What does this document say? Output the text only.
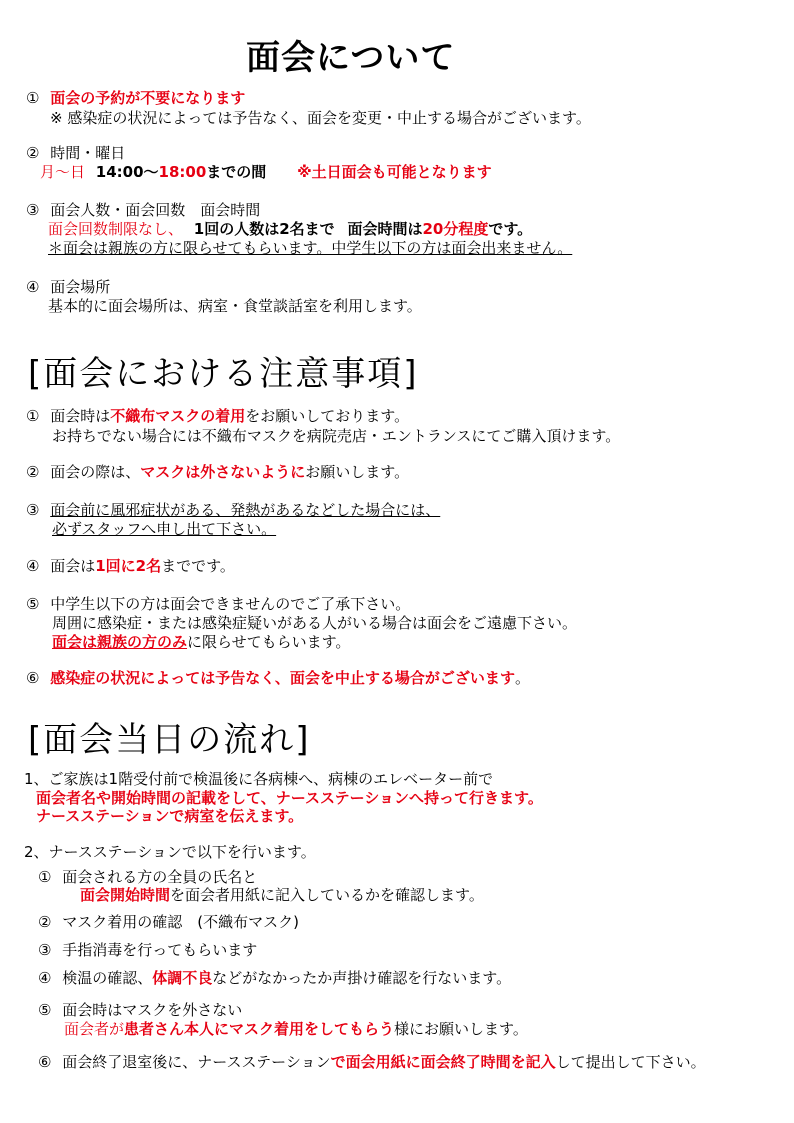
面会について
① 面会の予約が不要になります
※ 感染症の状況によっては予告なく、面会を変更・中止する場合がございます。
② 時間・曜日
月〜日 14:00〜18:00までの間 ※土日面会も可能となります
③ 面会人数・面会回数　面会時間
面会回数制限なし、 1回の人数は2名まで 面会時間は20分程度です。
＊面会は親族の方に限らせてもらいます。中学生以下の方は面会出来ません。
④ 面会場所
基本的に面会場所は、病室・食堂談話室を利用します。
[面会における注意事項]
① 面会時は不織布マスクの着用をお願いしております。
お持ちでない場合には不織布マスクを病院売店・エントランスにてご購入頂けます。
② 面会の際は、マスクは外さないようにお願いします。
③ 面会前に風邪症状がある、発熱があるなどした場合には、
必ずスタッフへ申し出て下さい。
④ 面会は1回に2名までです。
⑤ 中学生以下の方は面会できませんのでご了承下さい。
周囲に感染症・または感染症疑いがある人がいる場合は面会をご遠慮下さい。
面会は親族の方のみに限らせてもらいます。
⑥ 感染症の状況によっては予告なく、面会を中止する場合がございます。
[面会当日の流れ]
1、ご家族は1階受付前で検温後に各病棟へ、病棟のエレベーター前で
面会者名や開始時間の記載をして、ナースステーションへ持って行きます。
ナースステーションで病室を伝えます。
2、ナースステーションで以下を行います。
① 面会される方の全員の氏名と
面会開始時間を面会者用紙に記入しているかを確認します。
② マスク着用の確認　(不織布マスク)
③ 手指消毒を行ってもらいます
④ 検温の確認、体調不良などがなかったか声掛け確認を行ないます。
⑤ 面会時はマスクを外さない
面会者が患者さん本人にマスク着用をしてもらう様にお願いします。
⑥ 面会終了退室後に、ナースステーションで面会用紙に面会終了時間を記入して提出して下さい。
